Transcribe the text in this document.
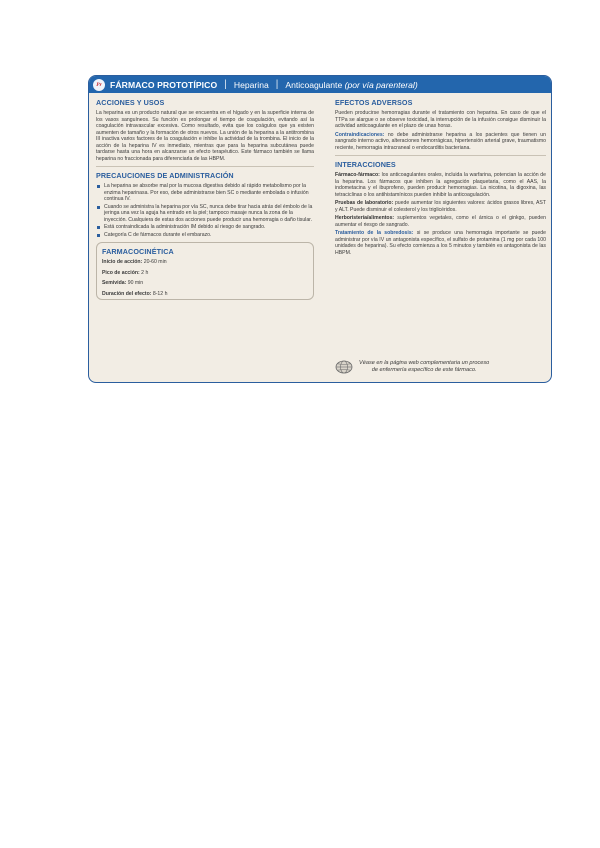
Pr FÁRMACO PROTOTÍPICO | Heparina | Anticoagulante
(por vía parenteral)
ACCIONES Y USOS

La heparina es un producto natural que se encuentra en el hígado y en la superficie interna de los vasos sanguíneos. Su función es prolongar el tiempo de coagulación, evitando así la coagulación intravascular excesiva. Como resultado, evita que los coágulos que ya existen aumenten de tamaño y la formación de otros nuevos. La unión de la heparina a la antitrombina III inactiva varios factores de la coagulación e inhibe la actividad de la trombina. El inicio de la acción de la heparina IV es inmediato, mientras que para la heparina subcutánea puede tardarse hasta una hora en alcanzarse un efecto terapéutico. Este fármaco también se llama heparina no fraccionada para diferenciarla de las HBPM.

PRECAUCIONES DE ADMINISTRACIÓN
La heparina se absorbe mal por la mucosa digestiva debido al rápido metabolismo por la enzima heparinasa. Por eso, debe administrarse bien SC o mediante embolada o infusión continua IV.
Cuando se administra la heparina por vía SC, nunca debe tirar hacia atrás del émbolo de la jeringa una vez la aguja ha entrado en la piel; tampoco masaje nunca la zona de la inyección. Cualquiera de estas dos acciones puede producir una hemorragia o daño tisular.
Está contraindicada la administración IM debido al riesgo de sangrado.
Categoría C de fármacos durante el embarazo.
FARMACOCINÉTICA
Inicio de acción: 20-60 min
Pico de acción: 2 h
Semivida: 90 min
Duración del efecto: 8-12 h
EFECTOS ADVERSOS

Pueden producirse hemorragias durante el tratamiento con heparina. En caso de que el TTPa se alargue o se observe toxicidad, la interrupción de la infusión consigue disminuir la actividad anticoagulante en el plazo de unas horas.

Contraindicaciones: no debe administrarse heparina a los pacientes que tienen un sangrado interno activo, alteraciones hemorrágicas, hipertensión arterial grave, traumatismo reciente, hemorragia intracraneal o endocarditis bacteriana.

INTERACCIONES

Fármaco-fármaco: los anticoagulantes orales, incluida la warfarina, potencian la acción de la heparina. Los fármacos que inhiben la agregación plaquetaria, como el AAS, la indometacina y el ibuprofeno, pueden producir hemorragias. La nicotina, la digoxina, las tetraciclinas o los antihistamínicos pueden inhibir la anticoagulación.

Pruebas de laboratorio: puede aumentar los siguientes valores: ácidos grasos libres, AST y ALT. Puede disminuir el colesterol y los triglicéridos.

Herboristería/alimentos: suplementos vegetales, como el árnica o el ginkgo, pueden aumentar el riesgo de sangrado.

Tratamiento de la sobredosis: si se produce una hemorragia importante se puede administrar por vía IV un antagonista específico, el sulfato de protamina (1 mg por cada 100 unidades de heparina). Su efecto comienza a los 5 minutos y también es antagonista de las HBPM.

Véase en la página web complementaria un proceso
de enfermería específico de este fármaco.
